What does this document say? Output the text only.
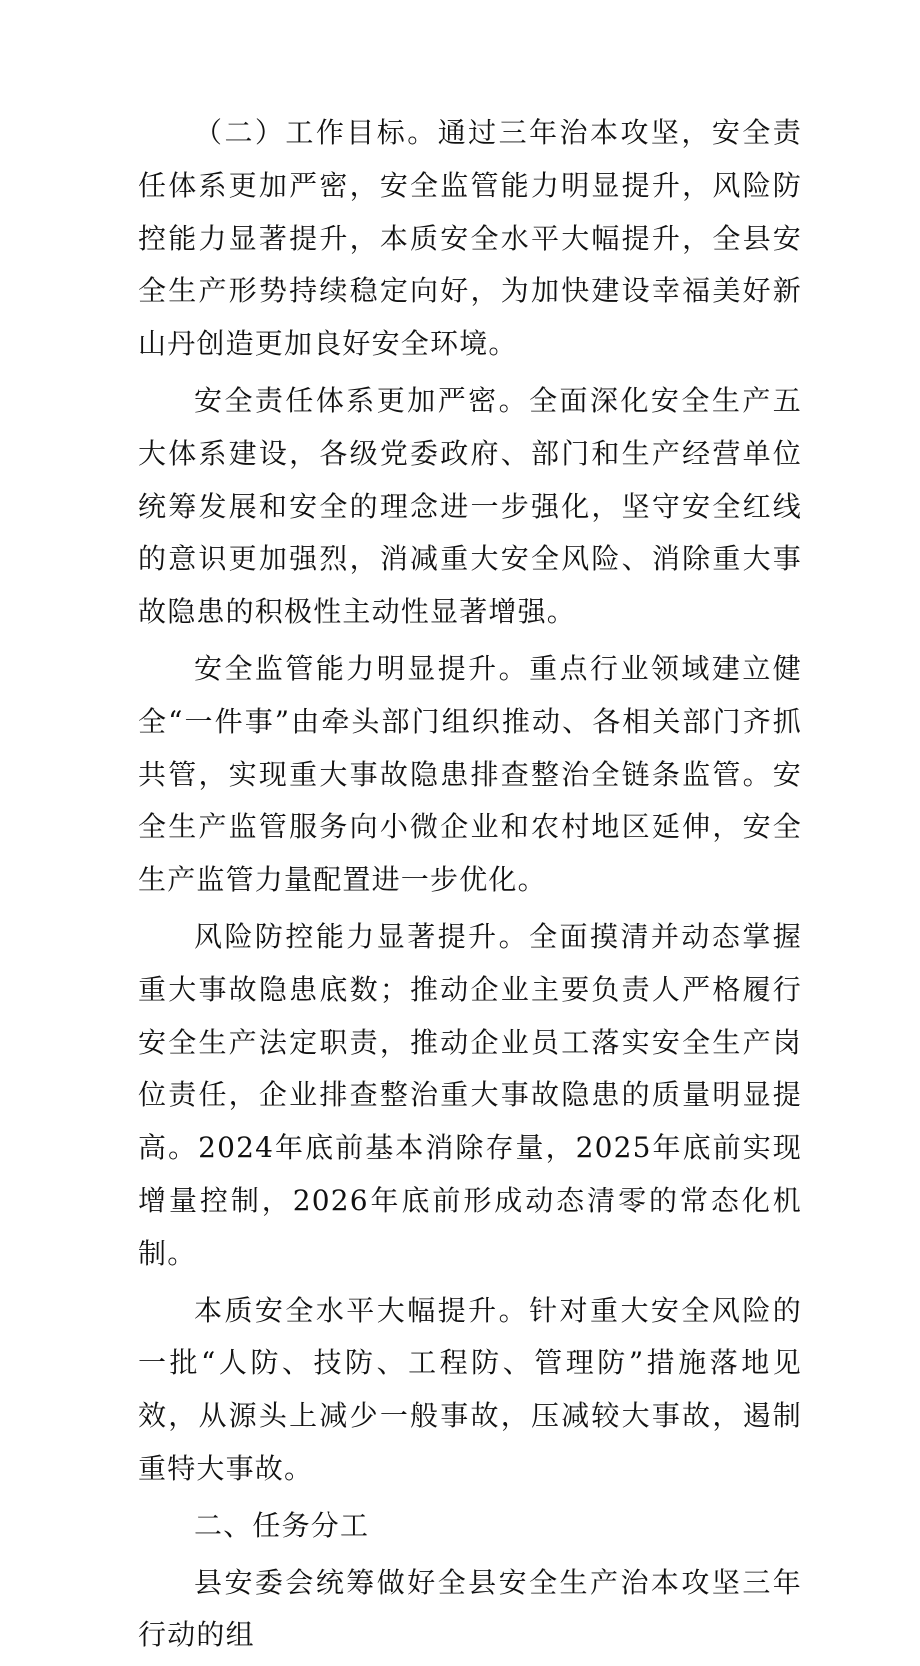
（二）工作目标。通过三年治本攻坚，安全责任体系更加严密，安全监管能力明显提升，风险防控能力显著提升，本质安全水平大幅提升，全县安全生产形势持续稳定向好，为加快建设幸福美好新山丹创造更加良好安全环境。

安全责任体系更加严密。全面深化安全生产五大体系建设，各级党委政府、部门和生产经营单位统筹发展和安全的理念进一步强化，坚守安全红线的意识更加强烈，消减重大安全风险、消除重大事故隐患的积极性主动性显著增强。

安全监管能力明显提升。重点行业领域建立健全“一件事”由牵头部门组织推动、各相关部门齐抓共管，实现重大事故隐患排查整治全链条监管。安全生产监管服务向小微企业和农村地区延伸，安全生产监管力量配置进一步优化。

风险防控能力显著提升。全面摸清并动态掌握重大事故隐患底数；推动企业主要负责人严格履行安全生产法定职责，推动企业员工落实安全生产岗位责任，企业排查整治重大事故隐患的质量明显提高。2024年底前基本消除存量，2025年底前实现增量控制，2026年底前形成动态清零的常态化机制。

本质安全水平大幅提升。针对重大安全风险的一批“人防、技防、工程防、管理防”措施落地见效，从源头上减少一般事故，压减较大事故，遏制重特大事故。

二、任务分工

县安委会统筹做好全县安全生产治本攻坚三年行动的组
